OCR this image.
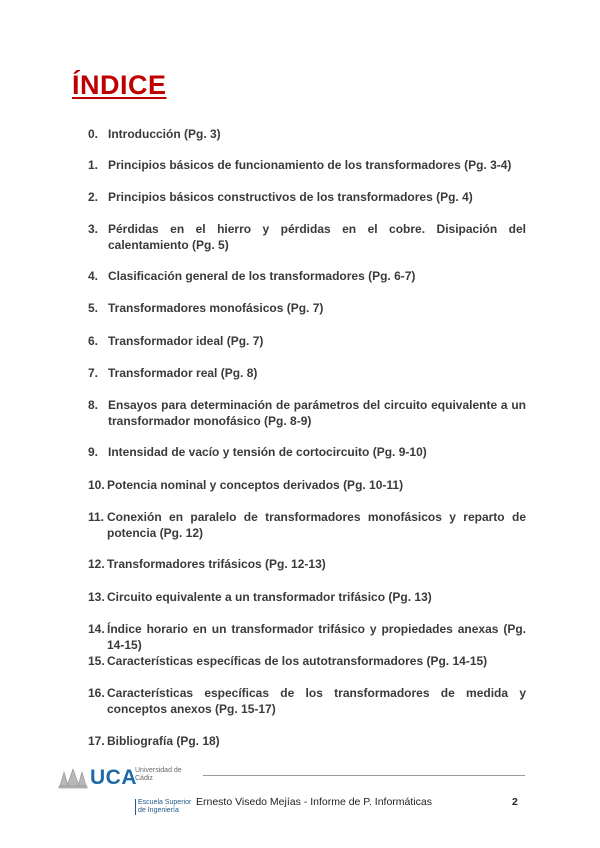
ÍNDICE
0. Introducción (Pg. 3)
1. Principios básicos de funcionamiento de los transformadores (Pg. 3-4)
2. Principios básicos constructivos de los transformadores (Pg. 4)
3. Pérdidas en el hierro y pérdidas en el cobre. Disipación del calentamiento (Pg. 5)
4. Clasificación general de los transformadores (Pg. 6-7)
5. Transformadores monofásicos (Pg. 7)
6. Transformador ideal (Pg. 7)
7. Transformador real (Pg. 8)
8. Ensayos para determinación de parámetros del circuito equivalente a un transformador monofásico (Pg. 8-9)
9. Intensidad de vacío y tensión de cortocircuito (Pg. 9-10)
10. Potencia nominal y conceptos derivados (Pg. 10-11)
11. Conexión en paralelo de transformadores monofásicos y reparto de potencia (Pg. 12)
12. Transformadores trifásicos (Pg. 12-13)
13. Circuito equivalente a un transformador trifásico (Pg. 13)
14. Índice horario en un transformador trifásico y propiedades anexas (Pg. 14-15)
15. Características específicas de los autotransformadores (Pg. 14-15)
16. Características específicas de los transformadores de medida y conceptos anexos (Pg. 15-17)
17. Bibliografía (Pg. 18)
UCA
Universidad de Cádiz
Escuela Superior de Ingeniería
Ernesto Visedo Mejías - Informe de P. Informáticas	2
